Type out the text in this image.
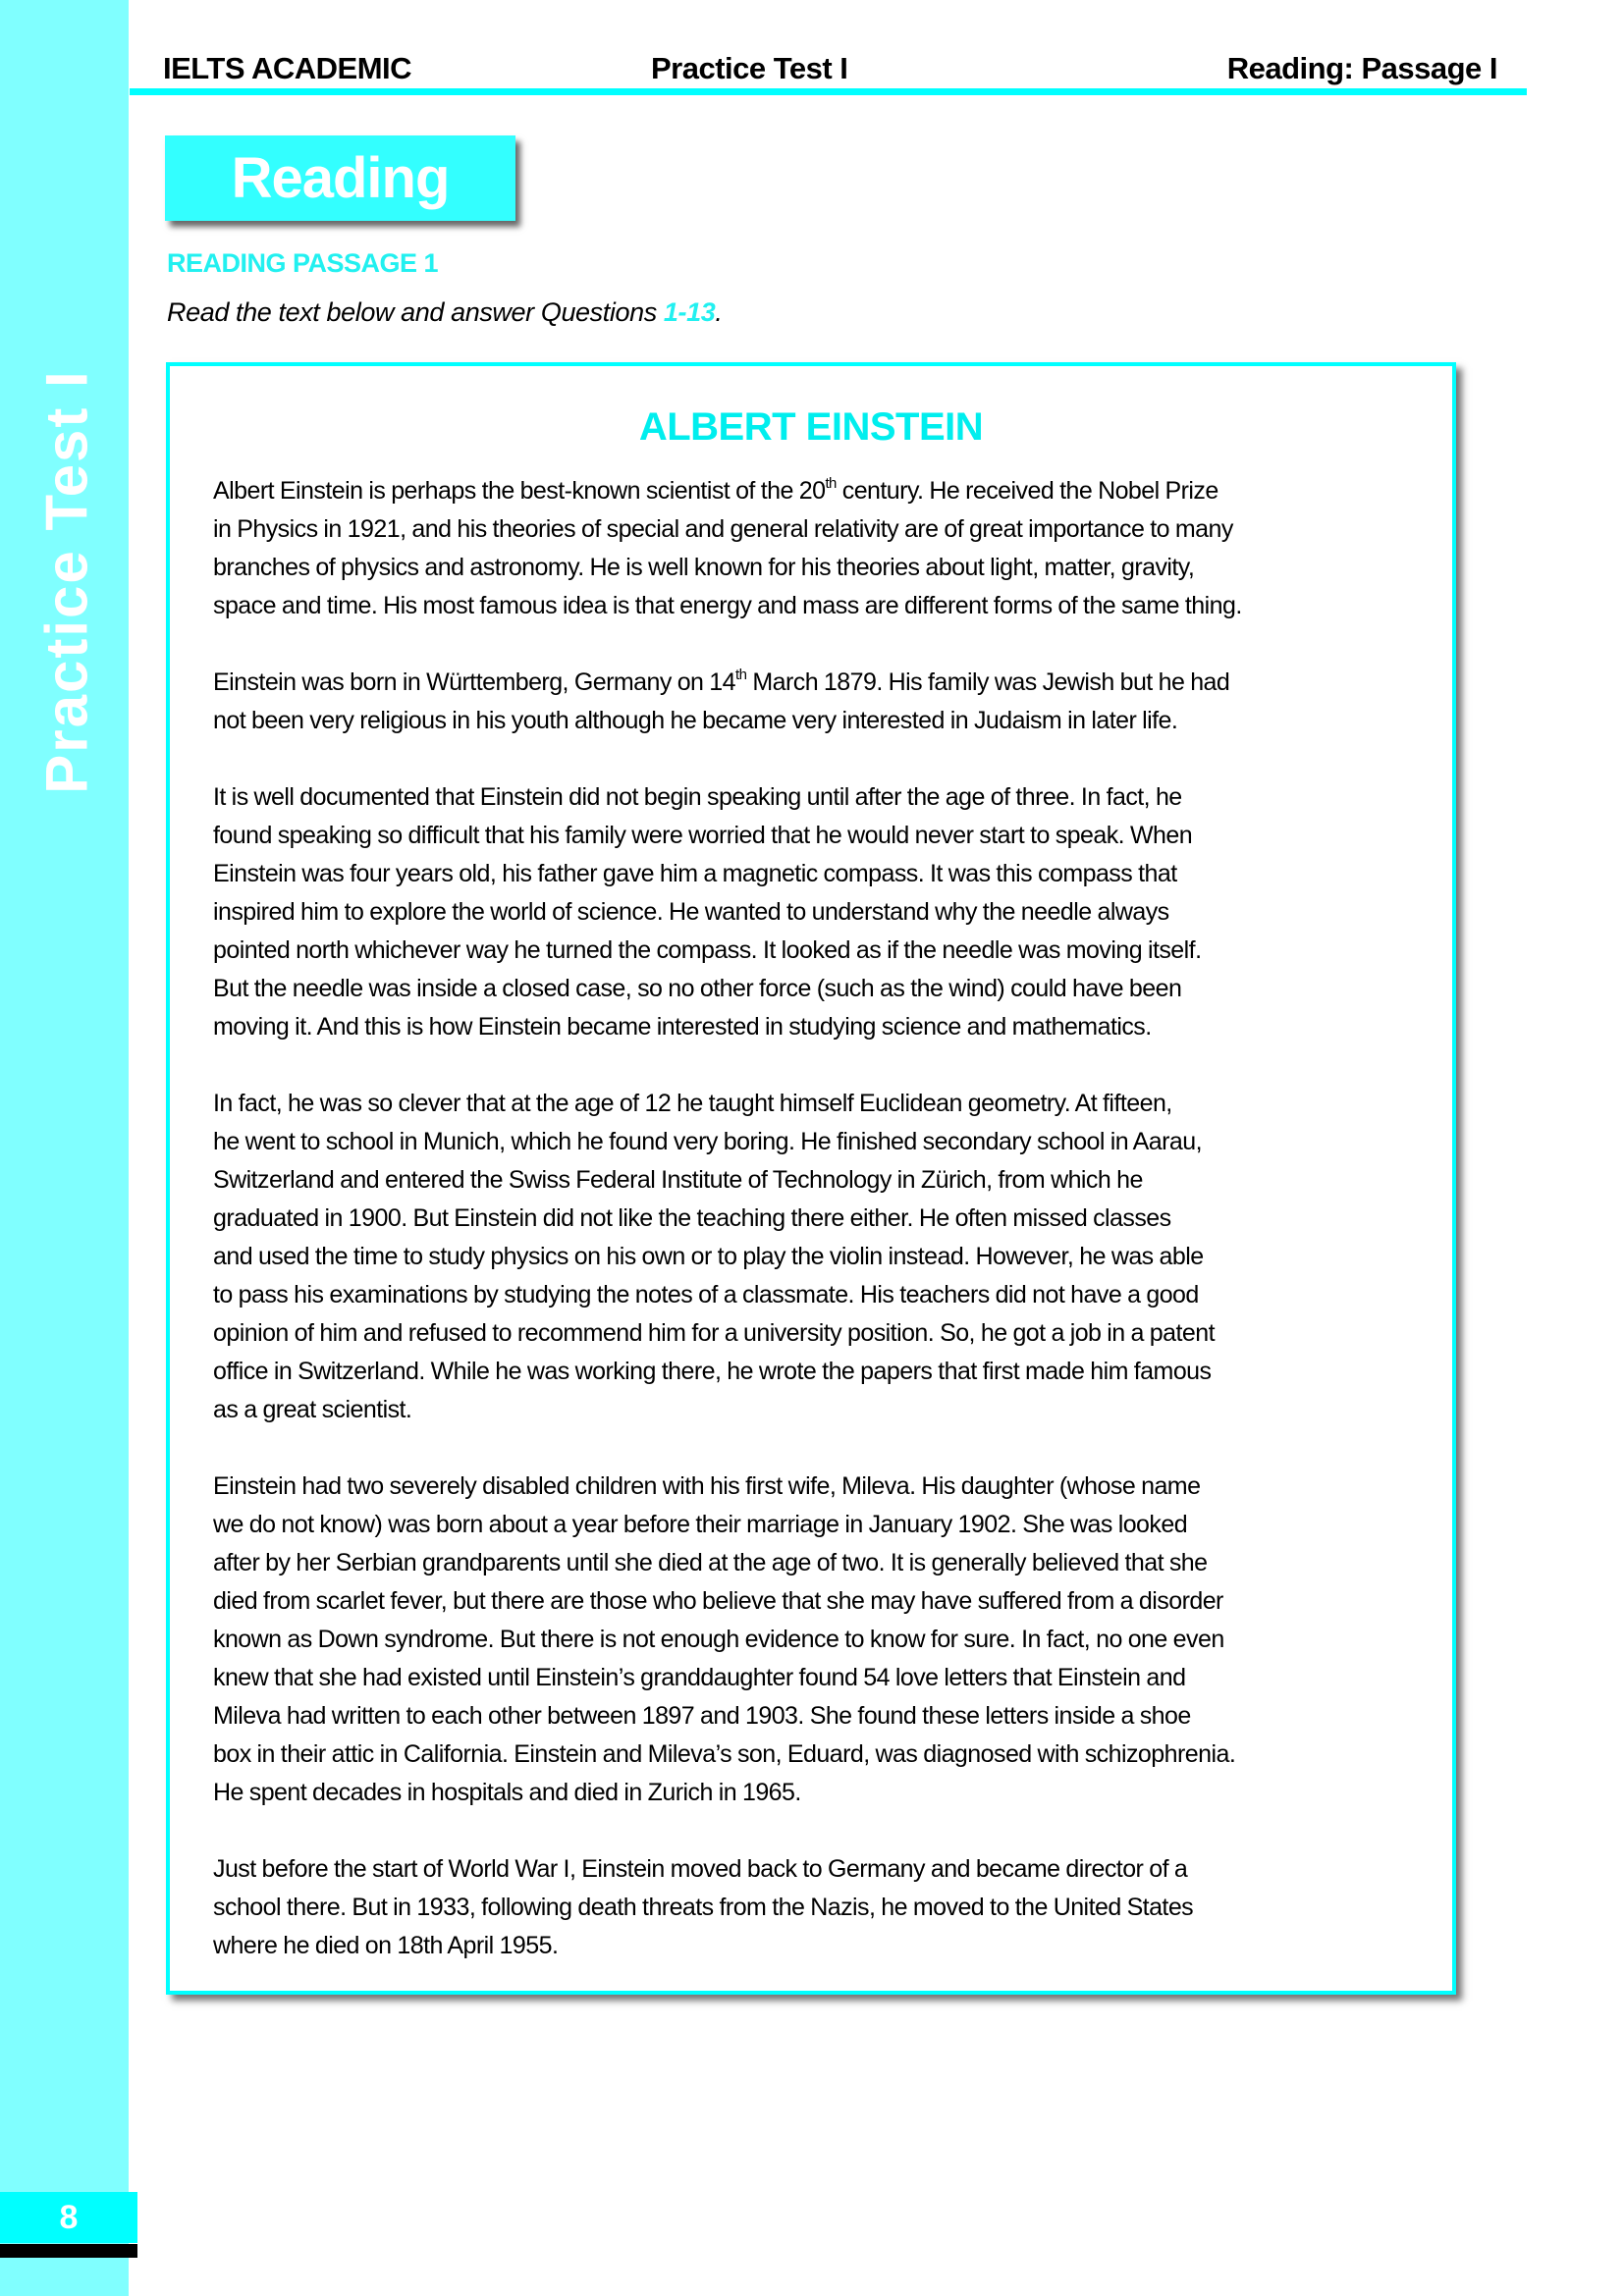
Practice Test I
8
IELTS ACADEMIC	Practice Test I	Reading: Passage I
Reading
READING PASSAGE 1
Read the text below and answer Questions 1-13.
ALBERT EINSTEIN
Albert Einstein is perhaps the best-known scientist of the 20th century. He received the Nobel Prize
in Physics in 1921, and his theories of special and general relativity are of great importance to many
branches of physics and astronomy. He is well known for his theories about light, matter, gravity,
space and time. His most famous idea is that energy and mass are different forms of the same thing.
Einstein was born in Württemberg, Germany on 14th March 1879. His family was Jewish but he had
not been very religious in his youth although he became very interested in Judaism in later life.
It is well documented that Einstein did not begin speaking until after the age of three. In fact, he
found speaking so difficult that his family were worried that he would never start to speak. When
Einstein was four years old, his father gave him a magnetic compass. It was this compass that
inspired him to explore the world of science. He wanted to understand why the needle always
pointed north whichever way he turned the compass. It looked as if the needle was moving itself.
But the needle was inside a closed case, so no other force (such as the wind) could have been
moving it. And this is how Einstein became interested in studying science and mathematics.
In fact, he was so clever that at the age of 12 he taught himself Euclidean geometry. At fifteen,
he went to school in Munich, which he found very boring. He finished secondary school in Aarau,
Switzerland and entered the Swiss Federal Institute of Technology in Zürich, from which he
graduated in 1900. But Einstein did not like the teaching there either. He often missed classes
and used the time to study physics on his own or to play the violin instead. However, he was able
to pass his examinations by studying the notes of a classmate. His teachers did not have a good
opinion of him and refused to recommend him for a university position. So, he got a job in a patent
office in Switzerland. While he was working there, he wrote the papers that first made him famous
as a great scientist.
Einstein had two severely disabled children with his first wife, Mileva. His daughter (whose name
we do not know) was born about a year before their marriage in January 1902. She was looked
after by her Serbian grandparents until she died at the age of two. It is generally believed that she
died from scarlet fever, but there are those who believe that she may have suffered from a disorder
known as Down syndrome. But there is not enough evidence to know for sure. In fact, no one even
knew that she had existed until Einstein’s granddaughter found 54 love letters that Einstein and
Mileva had written to each other between 1897 and 1903. She found these letters inside a shoe
box in their attic in California. Einstein and Mileva’s son, Eduard, was diagnosed with schizophrenia.
He spent decades in hospitals and died in Zurich in 1965.
Just before the start of World War I, Einstein moved back to Germany and became director of a
school there. But in 1933, following death threats from the Nazis, he moved to the United States
where he died on 18th April 1955.
